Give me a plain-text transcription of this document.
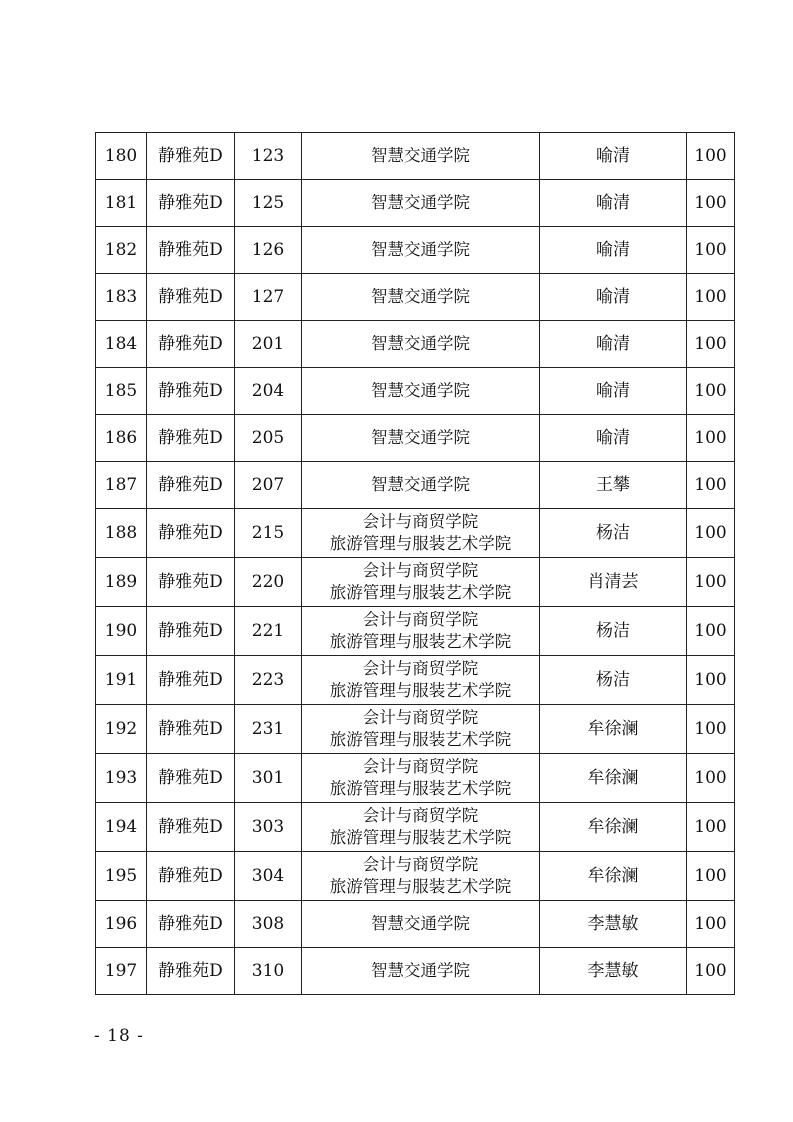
180	静雅苑D	123	智慧交通学院	喻清	100
181	静雅苑D	125	智慧交通学院	喻清	100
182	静雅苑D	126	智慧交通学院	喻清	100
183	静雅苑D	127	智慧交通学院	喻清	100
184	静雅苑D	201	智慧交通学院	喻清	100
185	静雅苑D	204	智慧交通学院	喻清	100
186	静雅苑D	205	智慧交通学院	喻清	100
187	静雅苑D	207	智慧交通学院	王攀	100
188	静雅苑D	215	会计与商贸学院
旅游管理与服装艺术学院	杨洁	100
189	静雅苑D	220	会计与商贸学院
旅游管理与服装艺术学院	肖清芸	100
190	静雅苑D	221	会计与商贸学院
旅游管理与服装艺术学院	杨洁	100
191	静雅苑D	223	会计与商贸学院
旅游管理与服装艺术学院	杨洁	100
192	静雅苑D	231	会计与商贸学院
旅游管理与服装艺术学院	牟徐澜	100
193	静雅苑D	301	会计与商贸学院
旅游管理与服装艺术学院	牟徐澜	100
194	静雅苑D	303	会计与商贸学院
旅游管理与服装艺术学院	牟徐澜	100
195	静雅苑D	304	会计与商贸学院
旅游管理与服装艺术学院	牟徐澜	100
196	静雅苑D	308	智慧交通学院	李慧敏	100
197	静雅苑D	310	智慧交通学院	李慧敏	100
- 18 -
